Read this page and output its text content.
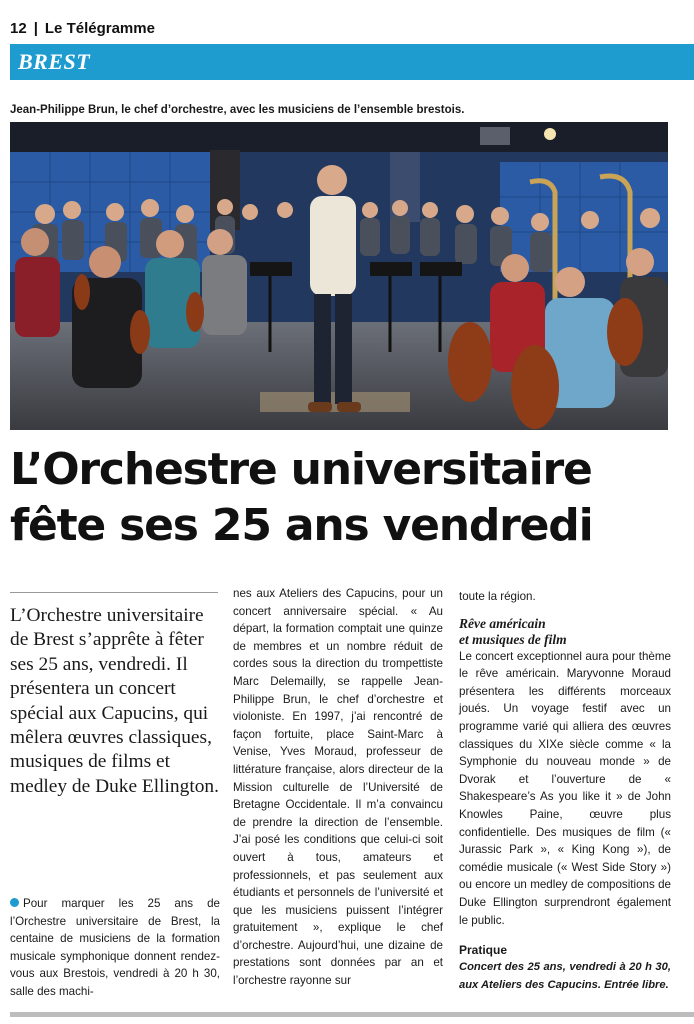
12 | Le Télégramme
BREST
Jean-Philippe Brun, le chef d’orchestre, avec les musiciens de l’ensemble brestois.
L’Orchestre universitaire
fête ses 25 ans vendredi
L’Orchestre universitaire de Brest s’apprête à fêter ses 25 ans, vendredi. Il présentera un concert spécial aux Capucins, qui mêlera œuvres classiques, musiques de films et medley de Duke Ellington.
Pour marquer les 25 ans de l’Orchestre universitaire de Brest, la centaine de musiciens de la formation musicale symphonique donnent rendez-vous aux Brestois, vendredi à 20 h 30, salle des machi-
nes aux Ateliers des Capucins, pour un concert anniversaire spécial. « Au départ, la formation comptait une quinze de membres et un nombre réduit de cordes sous la direction du trompettiste Marc Delemailly, se rappelle Jean-Philippe Brun, le chef d’orchestre et violoniste. En 1997, j’ai rencontré de façon fortuite, place Saint-Marc à Venise, Yves Moraud, professeur de littérature française, alors directeur de la Mission culturelle de l’Université de Bretagne Occidentale. Il m’a convaincu de prendre la direction de l’ensemble. J’ai posé les conditions que celui-ci soit ouvert à tous, amateurs et professionnels, et pas seulement aux étudiants et personnels de l’université et que les musiciens puissent l’intégrer gratuitement », explique le chef d’orchestre. Aujourd’hui, une dizaine de prestations sont données par an et l’orchestre rayonne sur
toute la région.
Rêve américain
et musiques de film
Le concert exceptionnel aura pour thème le rêve américain. Maryvonne Moraud présentera les différents morceaux joués. Un voyage festif avec un programme varié qui alliera des œuvres classiques du XIXe siècle comme « la Symphonie du nouveau monde » de Dvorak et l’ouverture de « Shakespeare’s As you like it » de John Knowles Paine, œuvre plus confidentielle. Des musiques de film (« Jurassic Park », « King Kong »), de comédie musicale (« West Side Story ») ou encore un medley de compositions de Duke Ellington surprendront également le public.
Pratique
Concert des 25 ans, vendredi à 20 h 30, aux Ateliers des Capucins. Entrée libre.
